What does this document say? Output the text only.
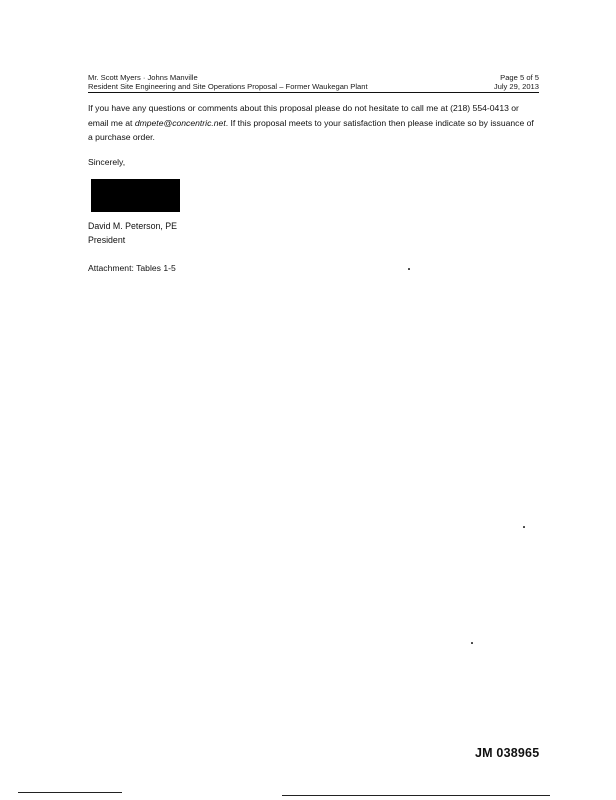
Mr. Scott Myers · Johns Manville	Page 5 of 5
Resident Site Engineering and Site Operations Proposal – Former Waukegan Plant	July 29, 2013

If you have any questions or comments about this proposal please do not hesitate to call me at (218) 554-0413 or email me at dmpete@concentric.net. If this proposal meets to your satisfaction then please indicate so by issuance of a purchase order.

Sincerely,
David M. Peterson, PE
President
Attachment: Tables 1-5
JM 038965
